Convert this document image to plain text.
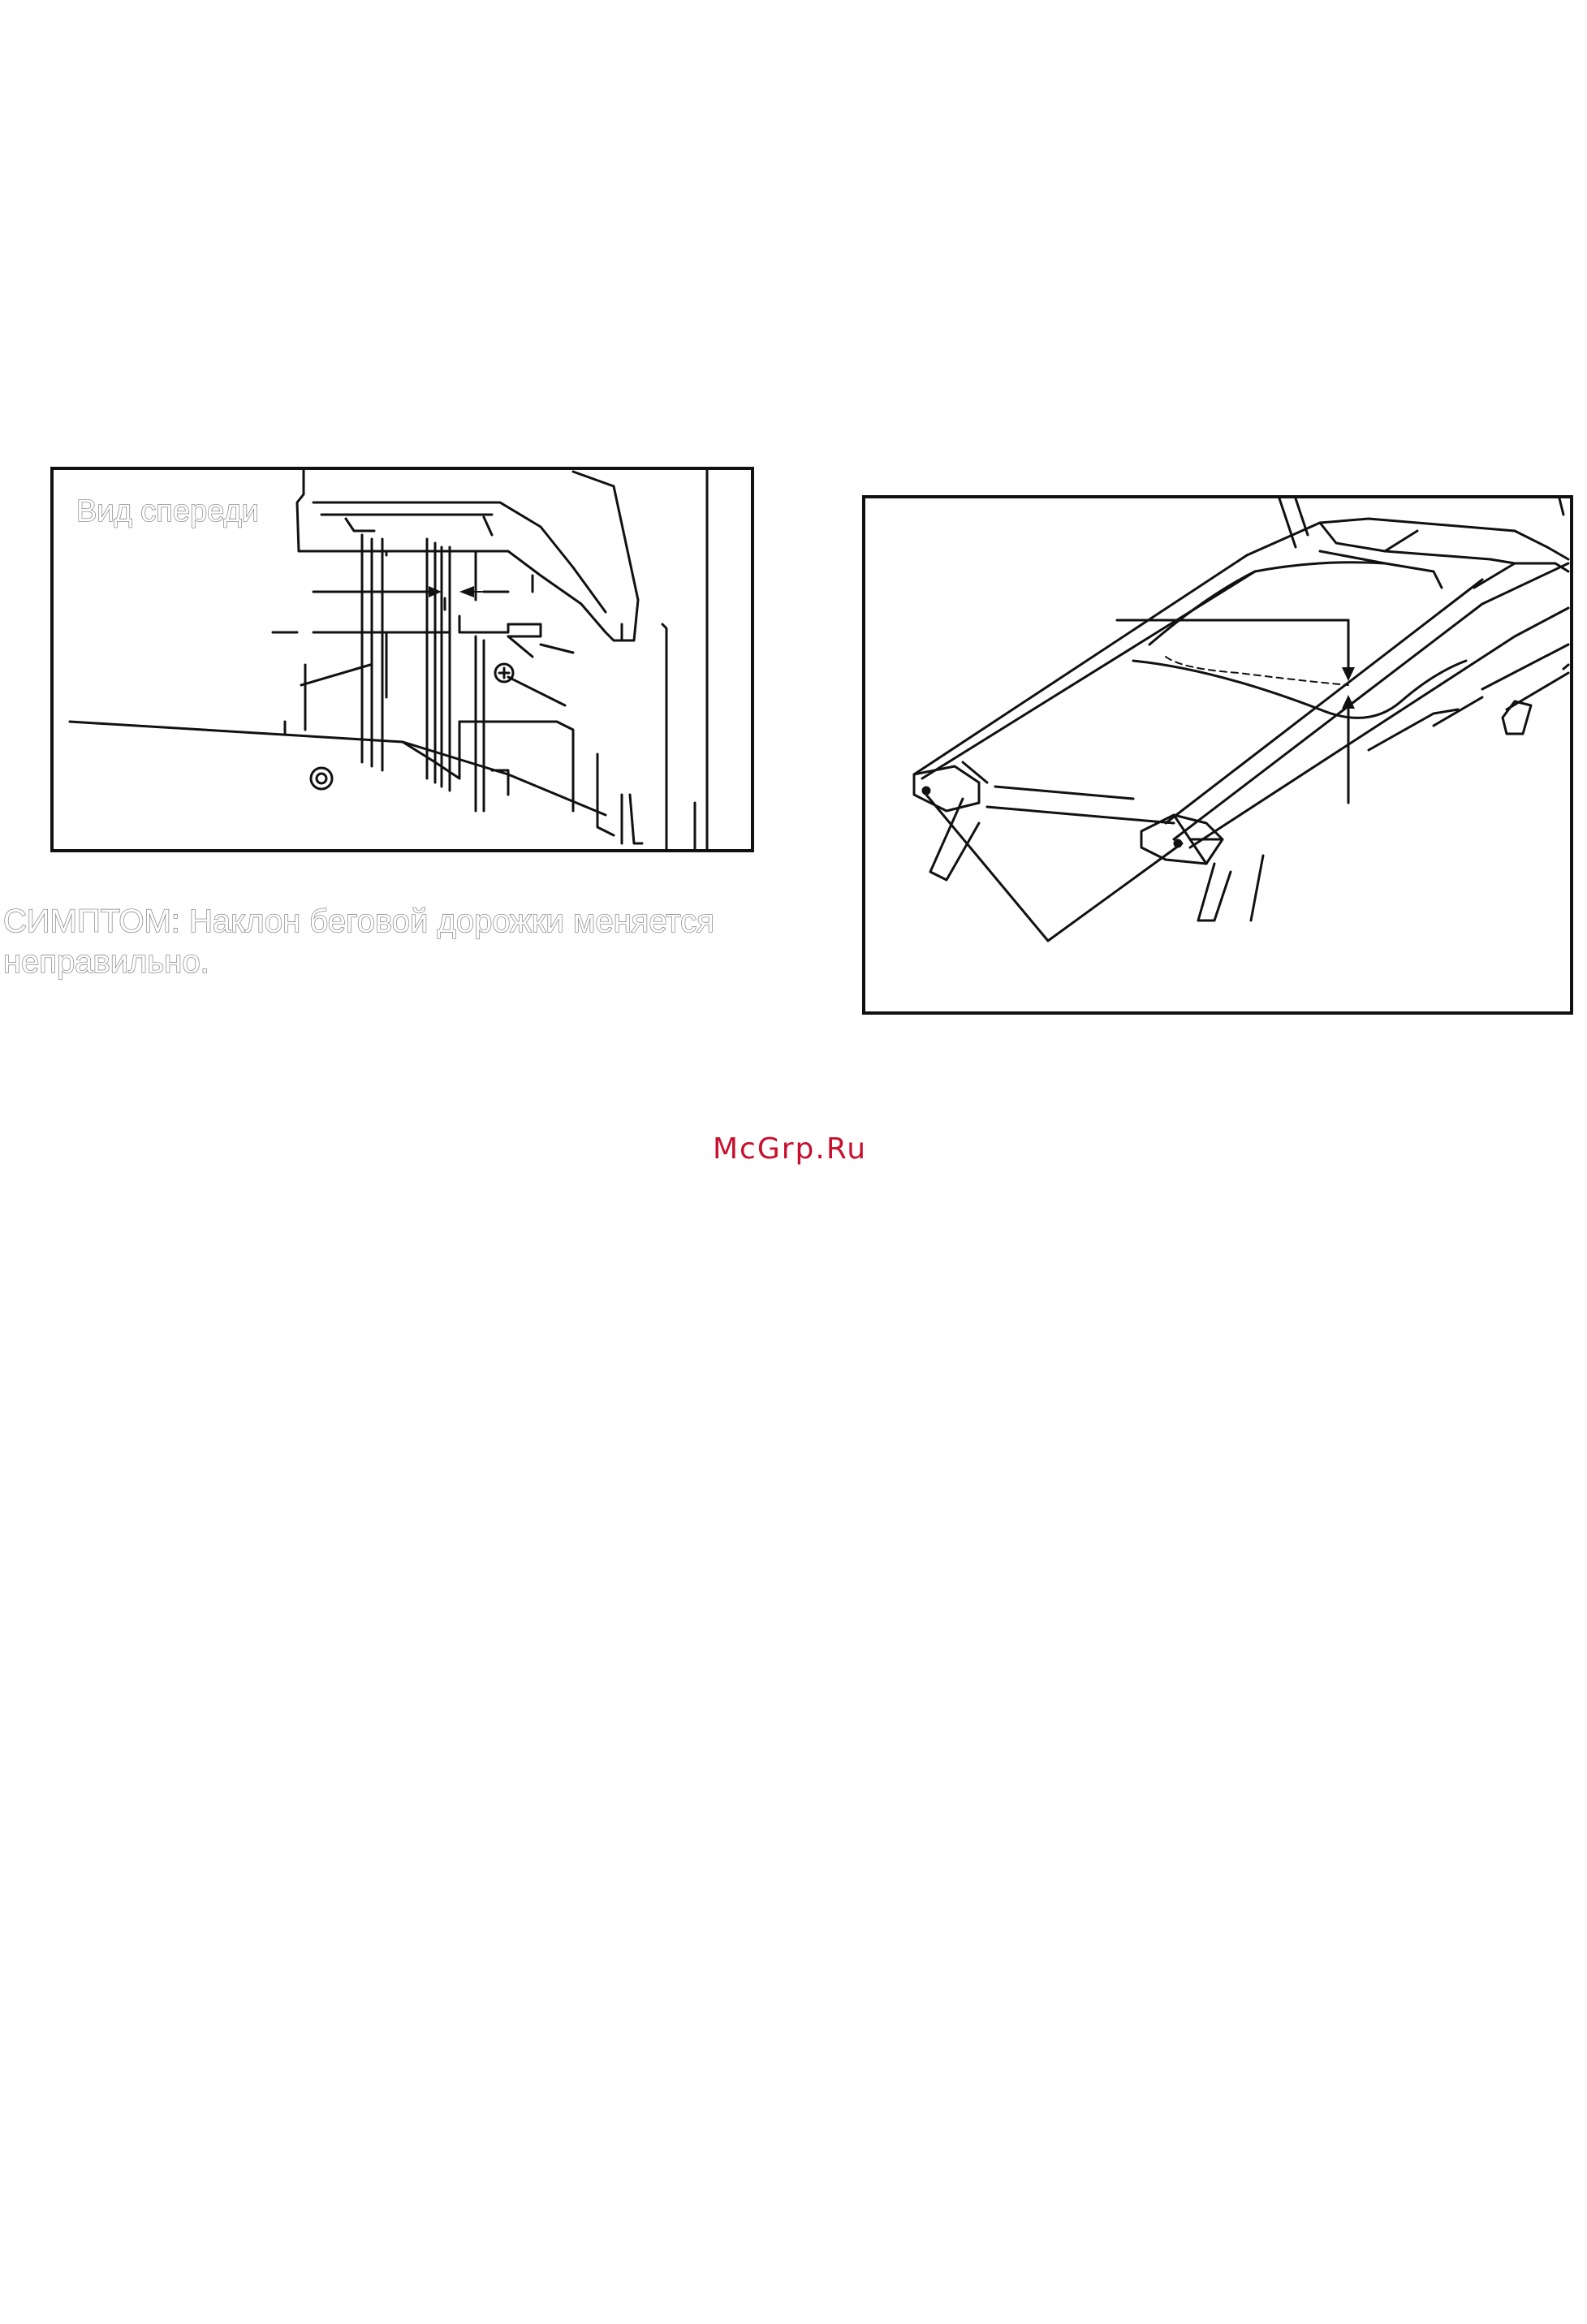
Вид спереди
СИМПТОМ: Наклон беговой дорожки меняется
неправильно.
McGrp.Ru
